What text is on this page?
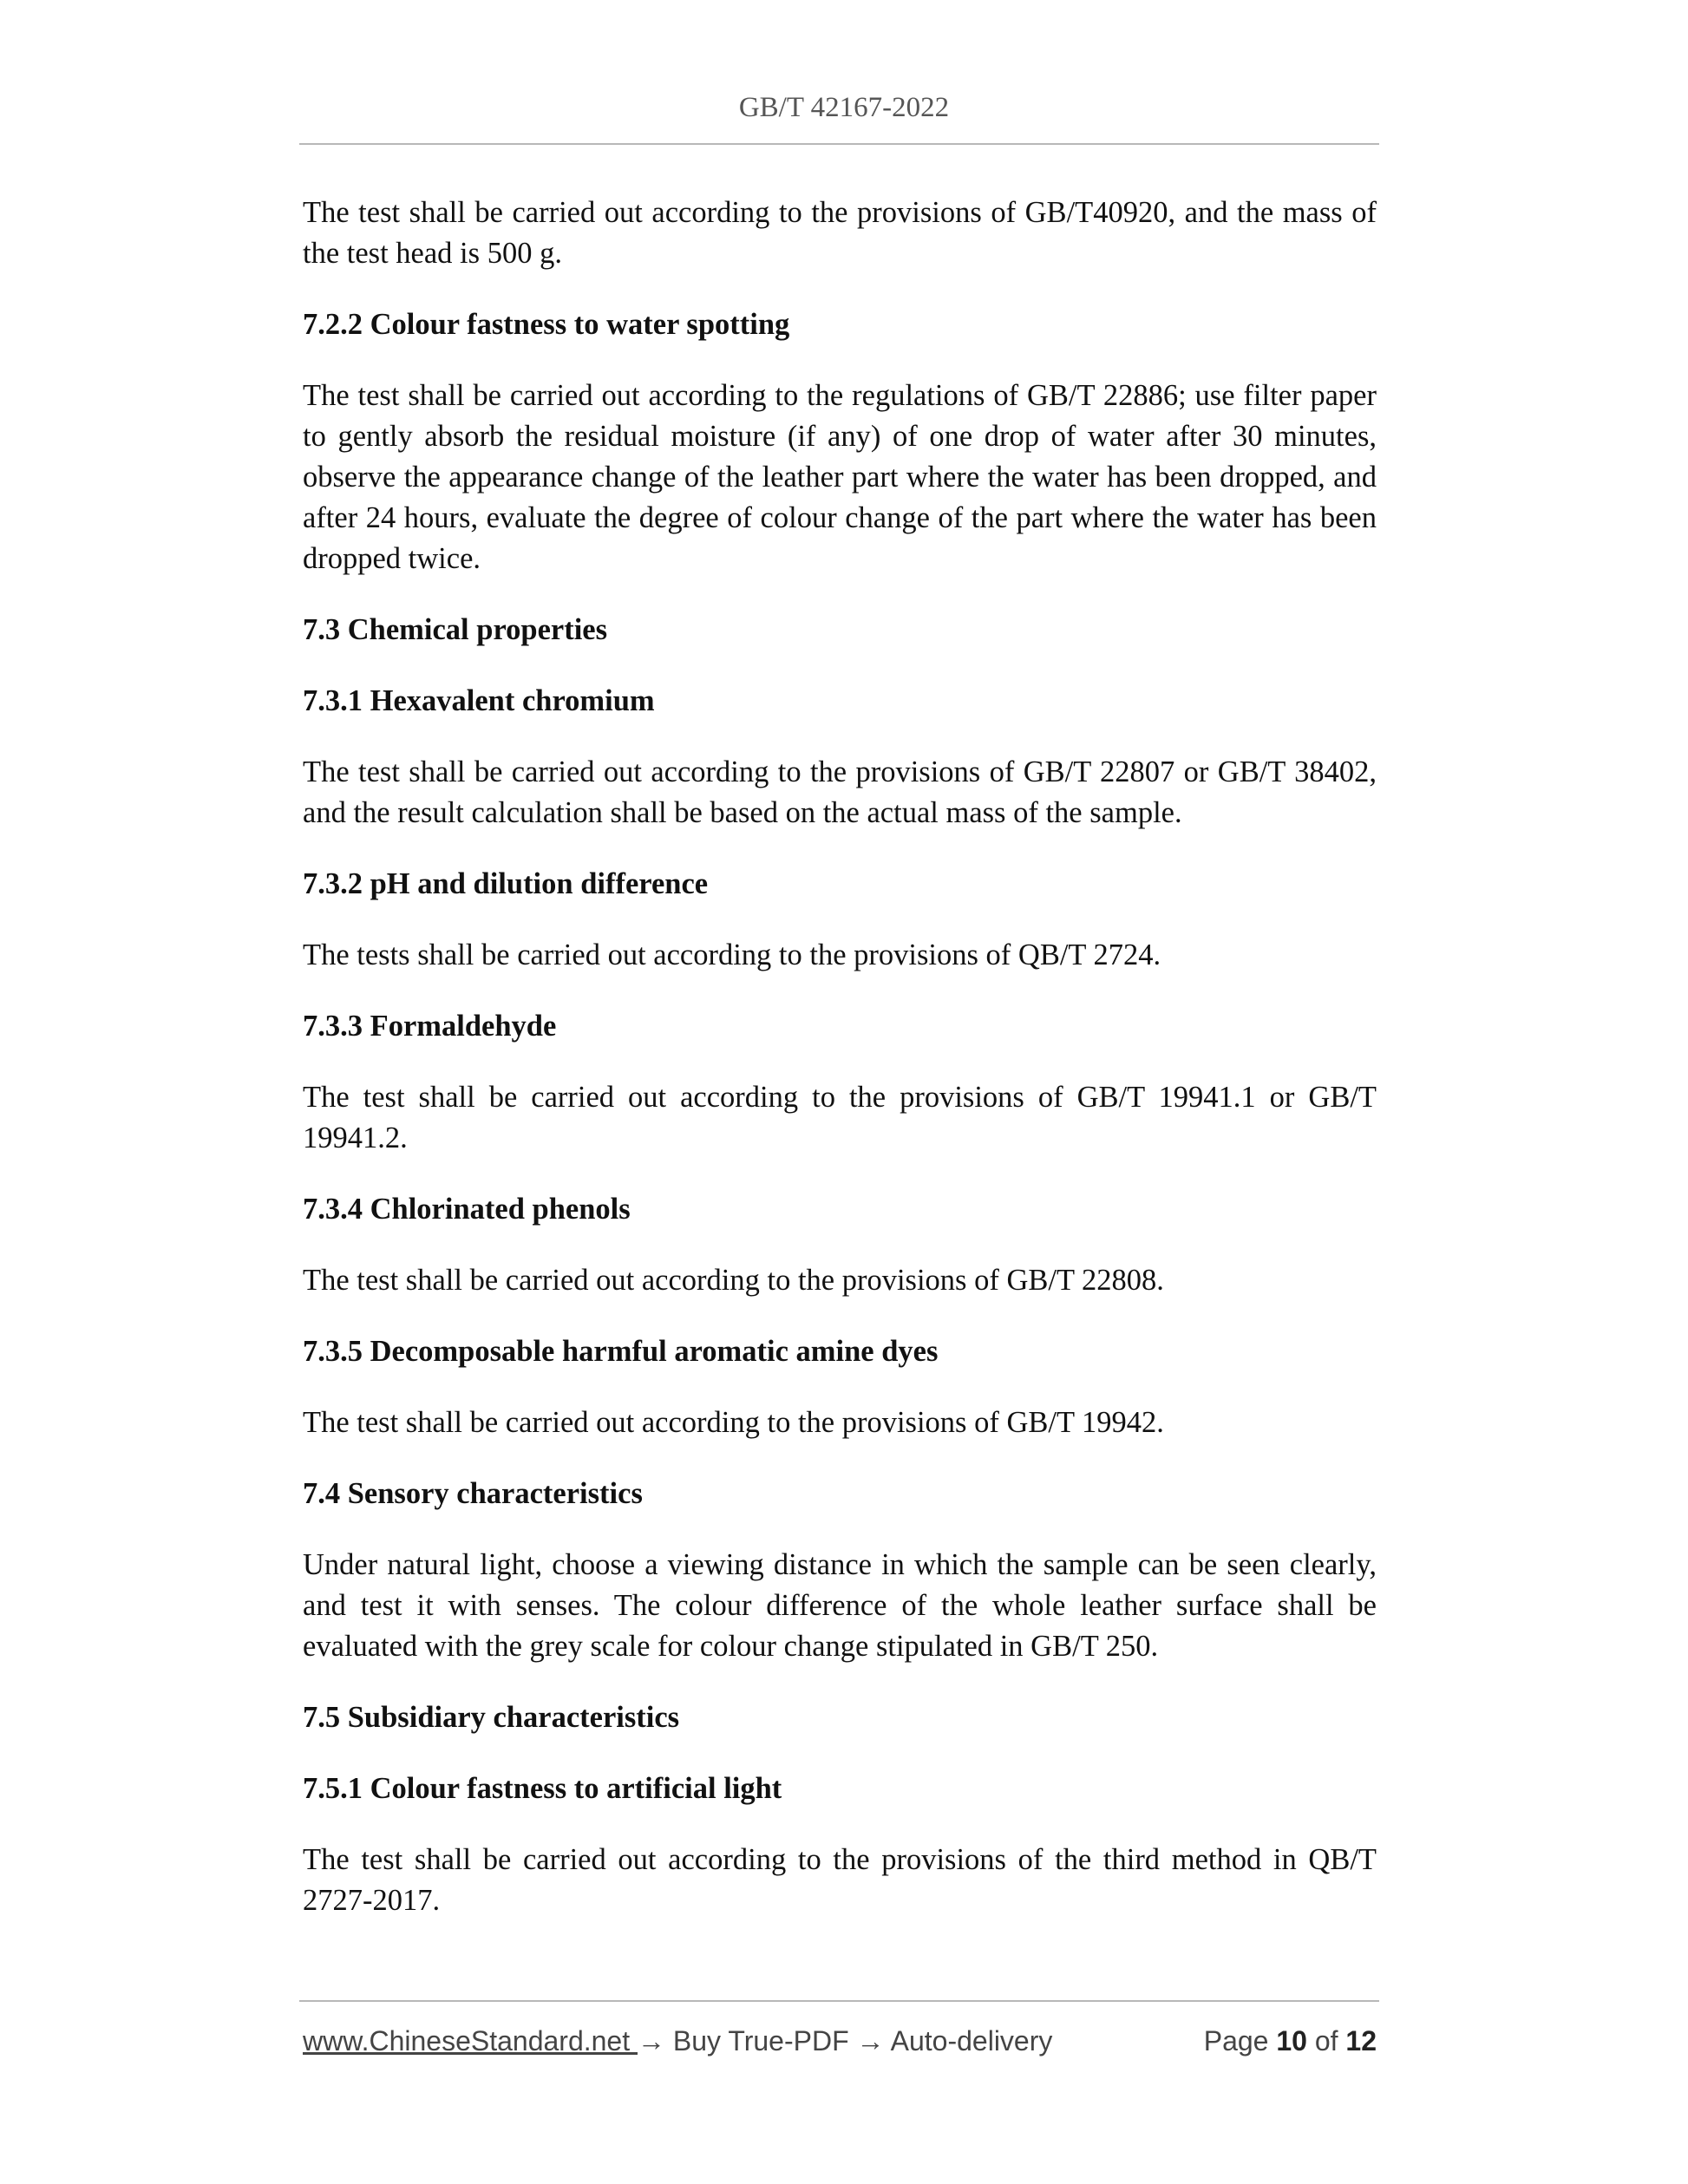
GB/T 42167-2022

The test shall be carried out according to the provisions of GB/T40920, and the mass of the test head is 500 g.

7.2.2 Colour fastness to water spotting

The test shall be carried out according to the regulations of GB/T 22886; use filter paper to gently absorb the residual moisture (if any) of one drop of water after 30 minutes, observe the appearance change of the leather part where the water has been dropped, and after 24 hours, evaluate the degree of colour change of the part where the water has been dropped twice.

7.3 Chemical properties
7.3.1 Hexavalent chromium

The test shall be carried out according to the provisions of GB/T 22807 or GB/T 38402, and the result calculation shall be based on the actual mass of the sample.

7.3.2 pH and dilution difference

The tests shall be carried out according to the provisions of QB/T 2724.

7.3.3 Formaldehyde

The test shall be carried out according to the provisions of GB/T 19941.1 or GB/T 19941.2.

7.3.4 Chlorinated phenols

The test shall be carried out according to the provisions of GB/T 22808.

7.3.5 Decomposable harmful aromatic amine dyes

The test shall be carried out according to the provisions of GB/T 19942.

7.4 Sensory characteristics

Under natural light, choose a viewing distance in which the sample can be seen clearly, and test it with senses. The colour difference of the whole leather surface shall be evaluated with the grey scale for colour change stipulated in GB/T 250.

7.5 Subsidiary characteristics
7.5.1 Colour fastness to artificial light

The test shall be carried out according to the provisions of the third method in QB/T 2727-2017.

www.ChineseStandard.net → Buy True-PDF → Auto-delivery	Page 10 of 12
